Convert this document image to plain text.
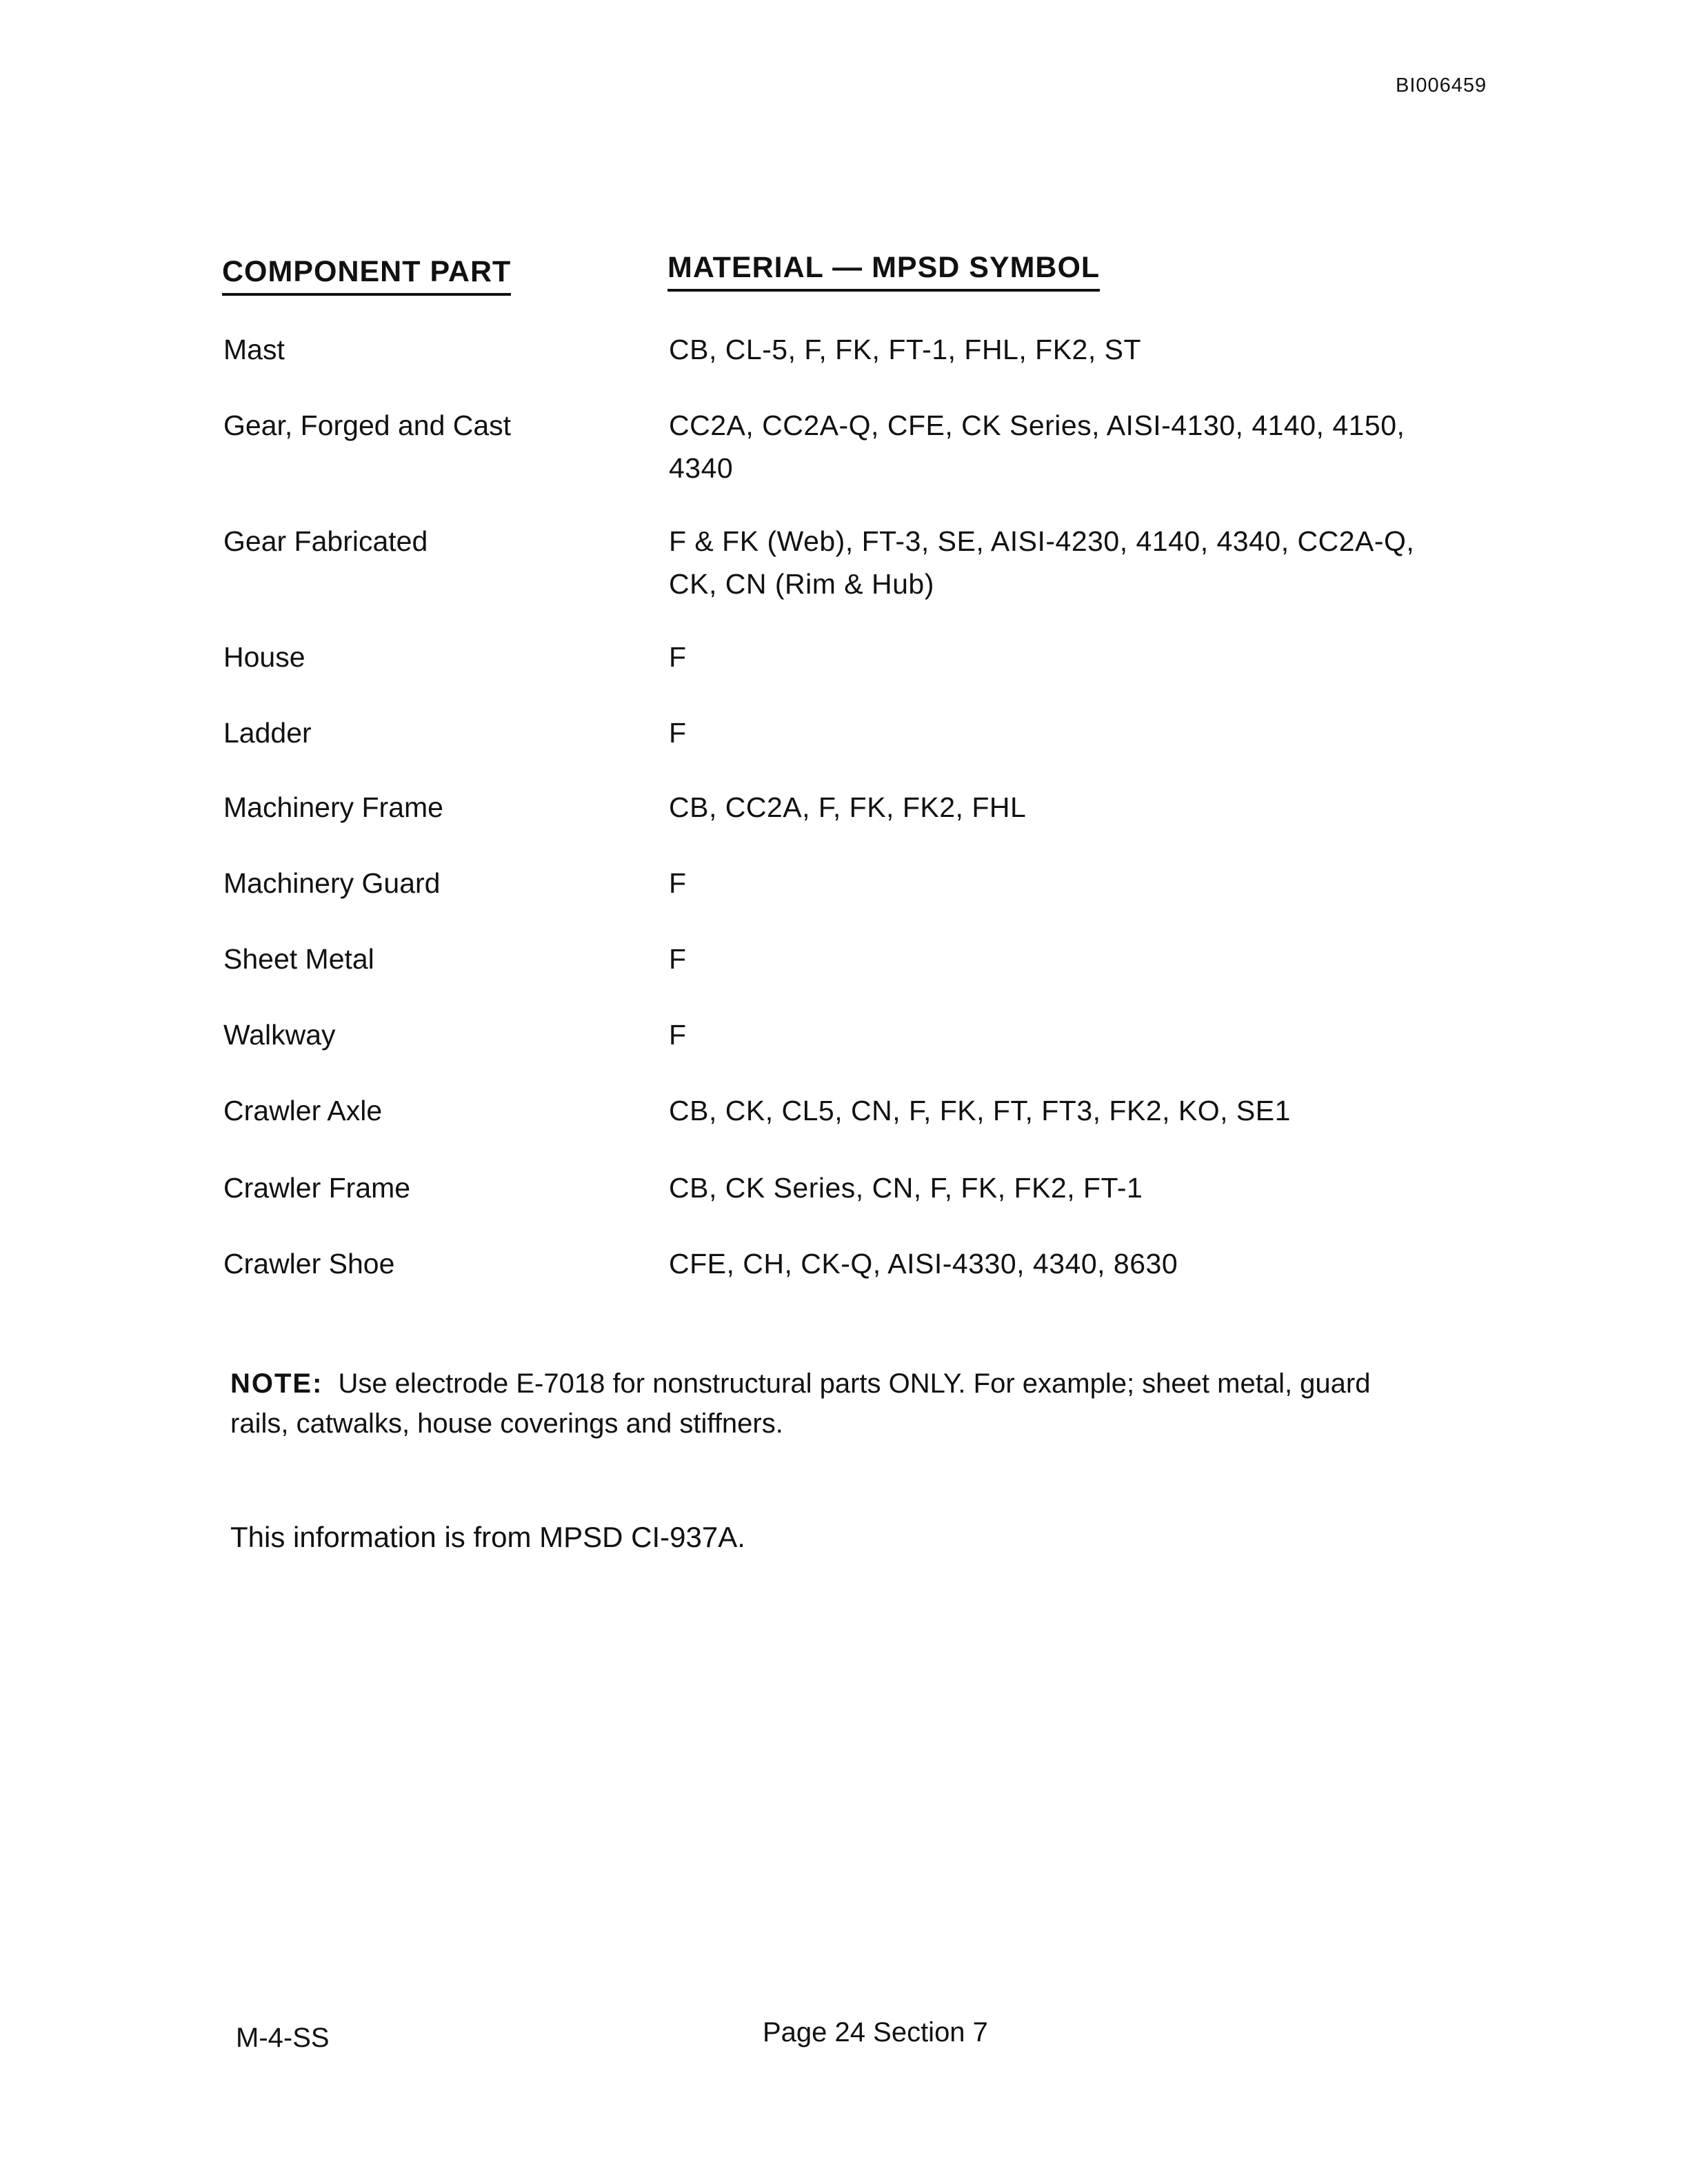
BI006459
COMPONENT PART	MATERIAL — MPSD SYMBOL
Mast	CB, CL-5, F, FK, FT-1, FHL, FK2, ST
Gear, Forged and Cast	CC2A, CC2A-Q, CFE, CK Series, AISI-4130, 4140, 4150, 4340
Gear Fabricated	F & FK (Web), FT-3, SE, AISI-4230, 4140, 4340, CC2A-Q, CK, CN (Rim & Hub)
House	F
Ladder	F
Machinery Frame	CB, CC2A, F, FK, FK2, FHL
Machinery Guard	F
Sheet Metal	F
Walkway	F
Crawler Axle	CB, CK, CL5, CN, F, FK, FT, FT3, FK2, KO, SE1
Crawler Frame	CB, CK Series, CN, F, FK, FK2, FT-1
Crawler Shoe	CFE, CH, CK-Q, AISI-4330, 4340, 8630
NOTE: Use electrode E-7018 for nonstructural parts ONLY. For example; sheet metal, guard rails, catwalks, house coverings and stiffners.
This information is from MPSD CI-937A.
M-4-SS	Page 24 Section 7
